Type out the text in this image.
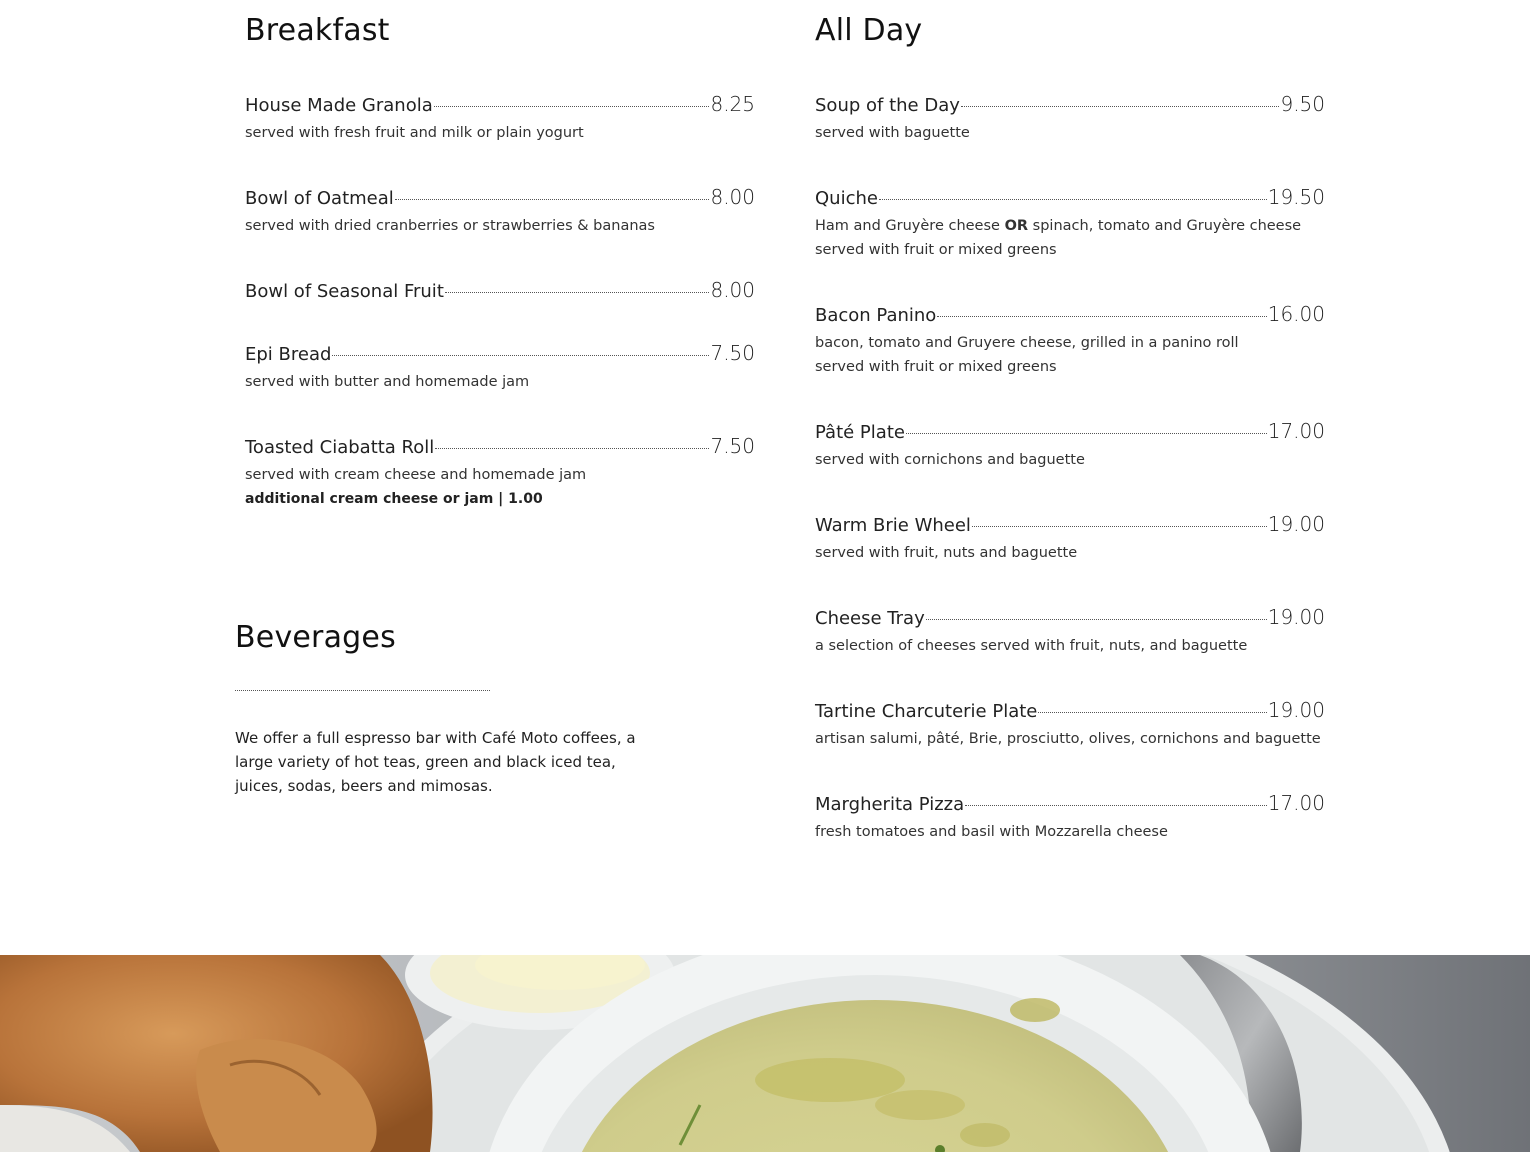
Breakfast	All Day
House Made Granola	8.25
served with fresh fruit and milk or plain yogurt
Bowl of Oatmeal	8.00
served with dried cranberries or strawberries & bananas
Bowl of Seasonal Fruit	8.00
Epi Bread	7.50
served with butter and homemade jam
Toasted Ciabatta Roll	7.50
served with cream cheese and homemade jam
additional cream cheese or jam | 1.00
Soup of the Day	9.50
served with baguette
Quiche	19.50
Ham and Gruyère cheese OR spinach, tomato and Gruyère cheese
served with fruit or mixed greens
Bacon Panino	16.00
bacon, tomato and Gruyere cheese, grilled in a panino roll
served with fruit or mixed greens
Pâté Plate	17.00
served with cornichons and baguette
Warm Brie Wheel	19.00
served with fruit, nuts and baguette
Cheese Tray	19.00
a selection of cheeses served with fruit, nuts, and baguette
Tartine Charcuterie Plate	19.00
artisan salumi, pâté, Brie, prosciutto, olives, cornichons and baguette
Margherita Pizza	17.00
fresh tomatoes and basil with Mozzarella cheese
Beverages

We offer a full espresso bar with Café Moto coffees, a large variety of hot teas, green and black iced tea, juices, sodas, beers and mimosas.
